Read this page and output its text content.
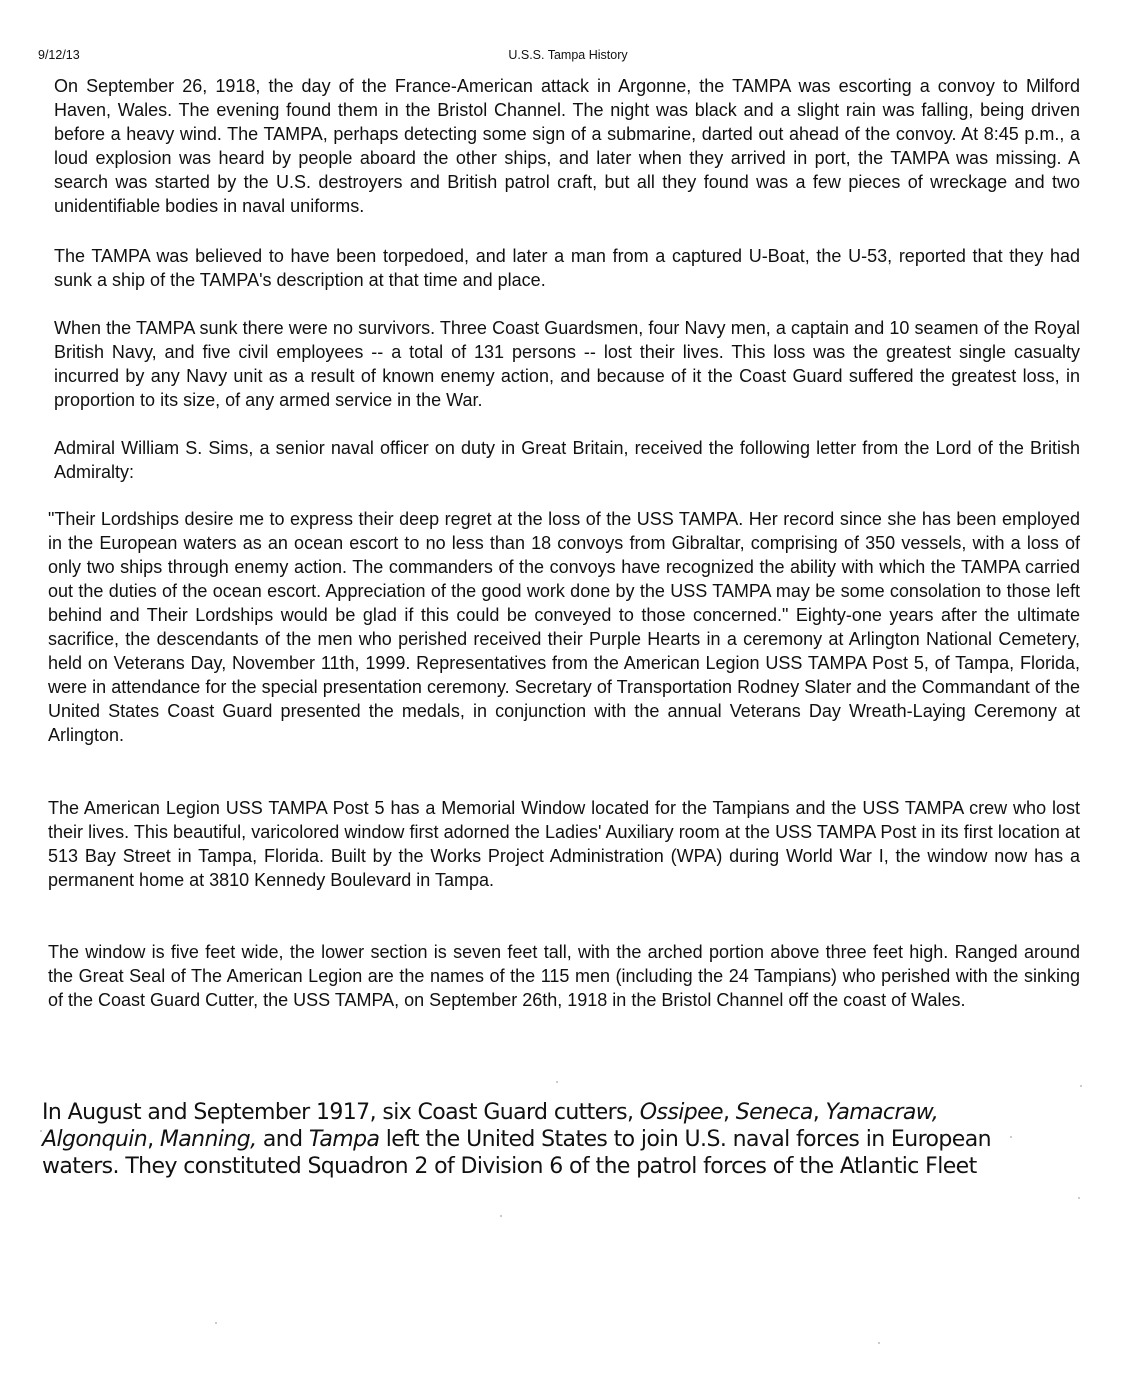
9/12/13	U.S.S. Tampa History

On September 26, 1918, the day of the France-American attack in Argonne, the TAMPA was escorting a convoy to Milford Haven, Wales. The evening found them in the Bristol Channel. The night was black and a slight rain was falling, being driven before a heavy wind. The TAMPA, perhaps detecting some sign of a submarine, darted out ahead of the convoy. At 8:45 p.m., a loud explosion was heard by people aboard the other ships, and later when they arrived in port, the TAMPA was missing. A search was started by the U.S. destroyers and British patrol craft, but all they found was a few pieces of wreckage and two unidentifiable bodies in naval uniforms.

The TAMPA was believed to have been torpedoed, and later a man from a captured U-Boat, the U-53, reported that they had sunk a ship of the TAMPA's description at that time and place.

When the TAMPA sunk there were no survivors. Three Coast Guardsmen, four Navy men, a captain and 10 seamen of the Royal British Navy, and five civil employees -- a total of 131 persons -- lost their lives. This loss was the greatest single casualty incurred by any Navy unit as a result of known enemy action, and because of it the Coast Guard suffered the greatest loss, in proportion to its size, of any armed service in the War.

Admiral William S. Sims, a senior naval officer on duty in Great Britain, received the following letter from the Lord of the British Admiralty:

"Their Lordships desire me to express their deep regret at the loss of the USS TAMPA. Her record since she has been employed in the European waters as an ocean escort to no less than 18 convoys from Gibraltar, comprising of 350 vessels, with a loss of only two ships through enemy action. The commanders of the convoys have recognized the ability with which the TAMPA carried out the duties of the ocean escort. Appreciation of the good work done by the USS TAMPA may be some consolation to those left behind and Their Lordships would be glad if this could be conveyed to those concerned." Eighty-one years after the ultimate sacrifice, the descendants of the men who perished received their Purple Hearts in a ceremony at Arlington National Cemetery, held on Veterans Day, November 11th, 1999. Representatives from the American Legion USS TAMPA Post 5, of Tampa, Florida, were in attendance for the special presentation ceremony. Secretary of Transportation Rodney Slater and the Commandant of the United States Coast Guard presented the medals, in conjunction with the annual Veterans Day Wreath-Laying Ceremony at Arlington.

The American Legion USS TAMPA Post 5 has a Memorial Window located for the Tampians and the USS TAMPA crew who lost their lives. This beautiful, varicolored window first adorned the Ladies' Auxiliary room at the USS TAMPA Post in its first location at 513 Bay Street in Tampa, Florida. Built by the Works Project Administration (WPA) during World War I, the window now has a permanent home at 3810 Kennedy Boulevard in Tampa.

The window is five feet wide, the lower section is seven feet tall, with the arched portion above three feet high. Ranged around the Great Seal of The American Legion are the names of the 115 men (including the 24 Tampians) who perished with the sinking of the Coast Guard Cutter, the USS TAMPA, on September 26th, 1918 in the Bristol Channel off the coast of Wales.

In August and September 1917, six Coast Guard cutters, Ossipee, Seneca, Yamacraw, Algonquin, Manning, and Tampa left the United States to join U.S. naval forces in European waters. They constituted Squadron 2 of Division 6 of the patrol forces of the Atlantic Fleet
